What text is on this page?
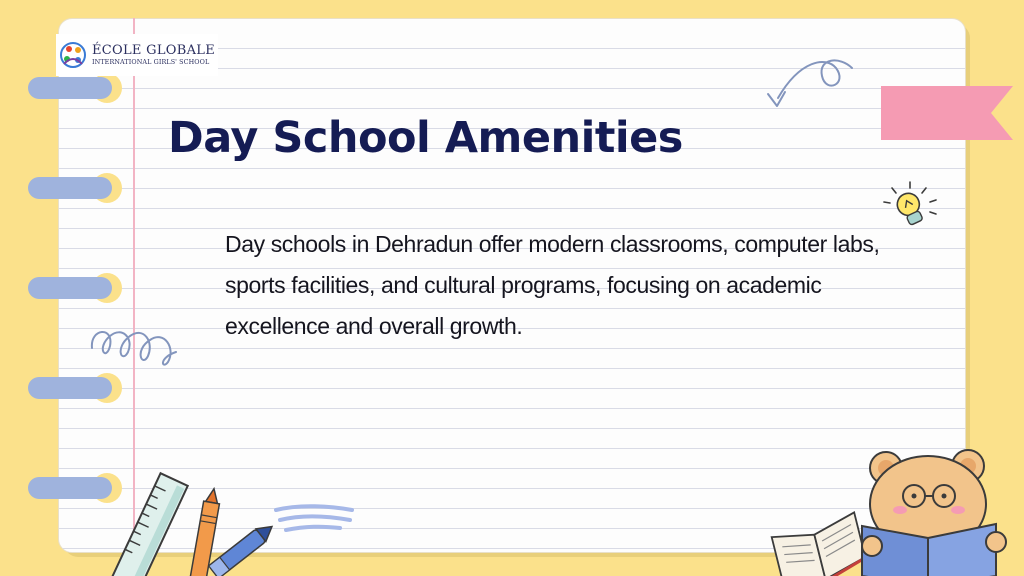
ÉCOLE GLOBALE
INTERNATIONAL GIRLS' SCHOOL
Day School Amenities

Day schools in Dehradun offer modern classrooms, computer labs, sports facilities, and cultural programs, focusing on academic excellence and overall growth.
